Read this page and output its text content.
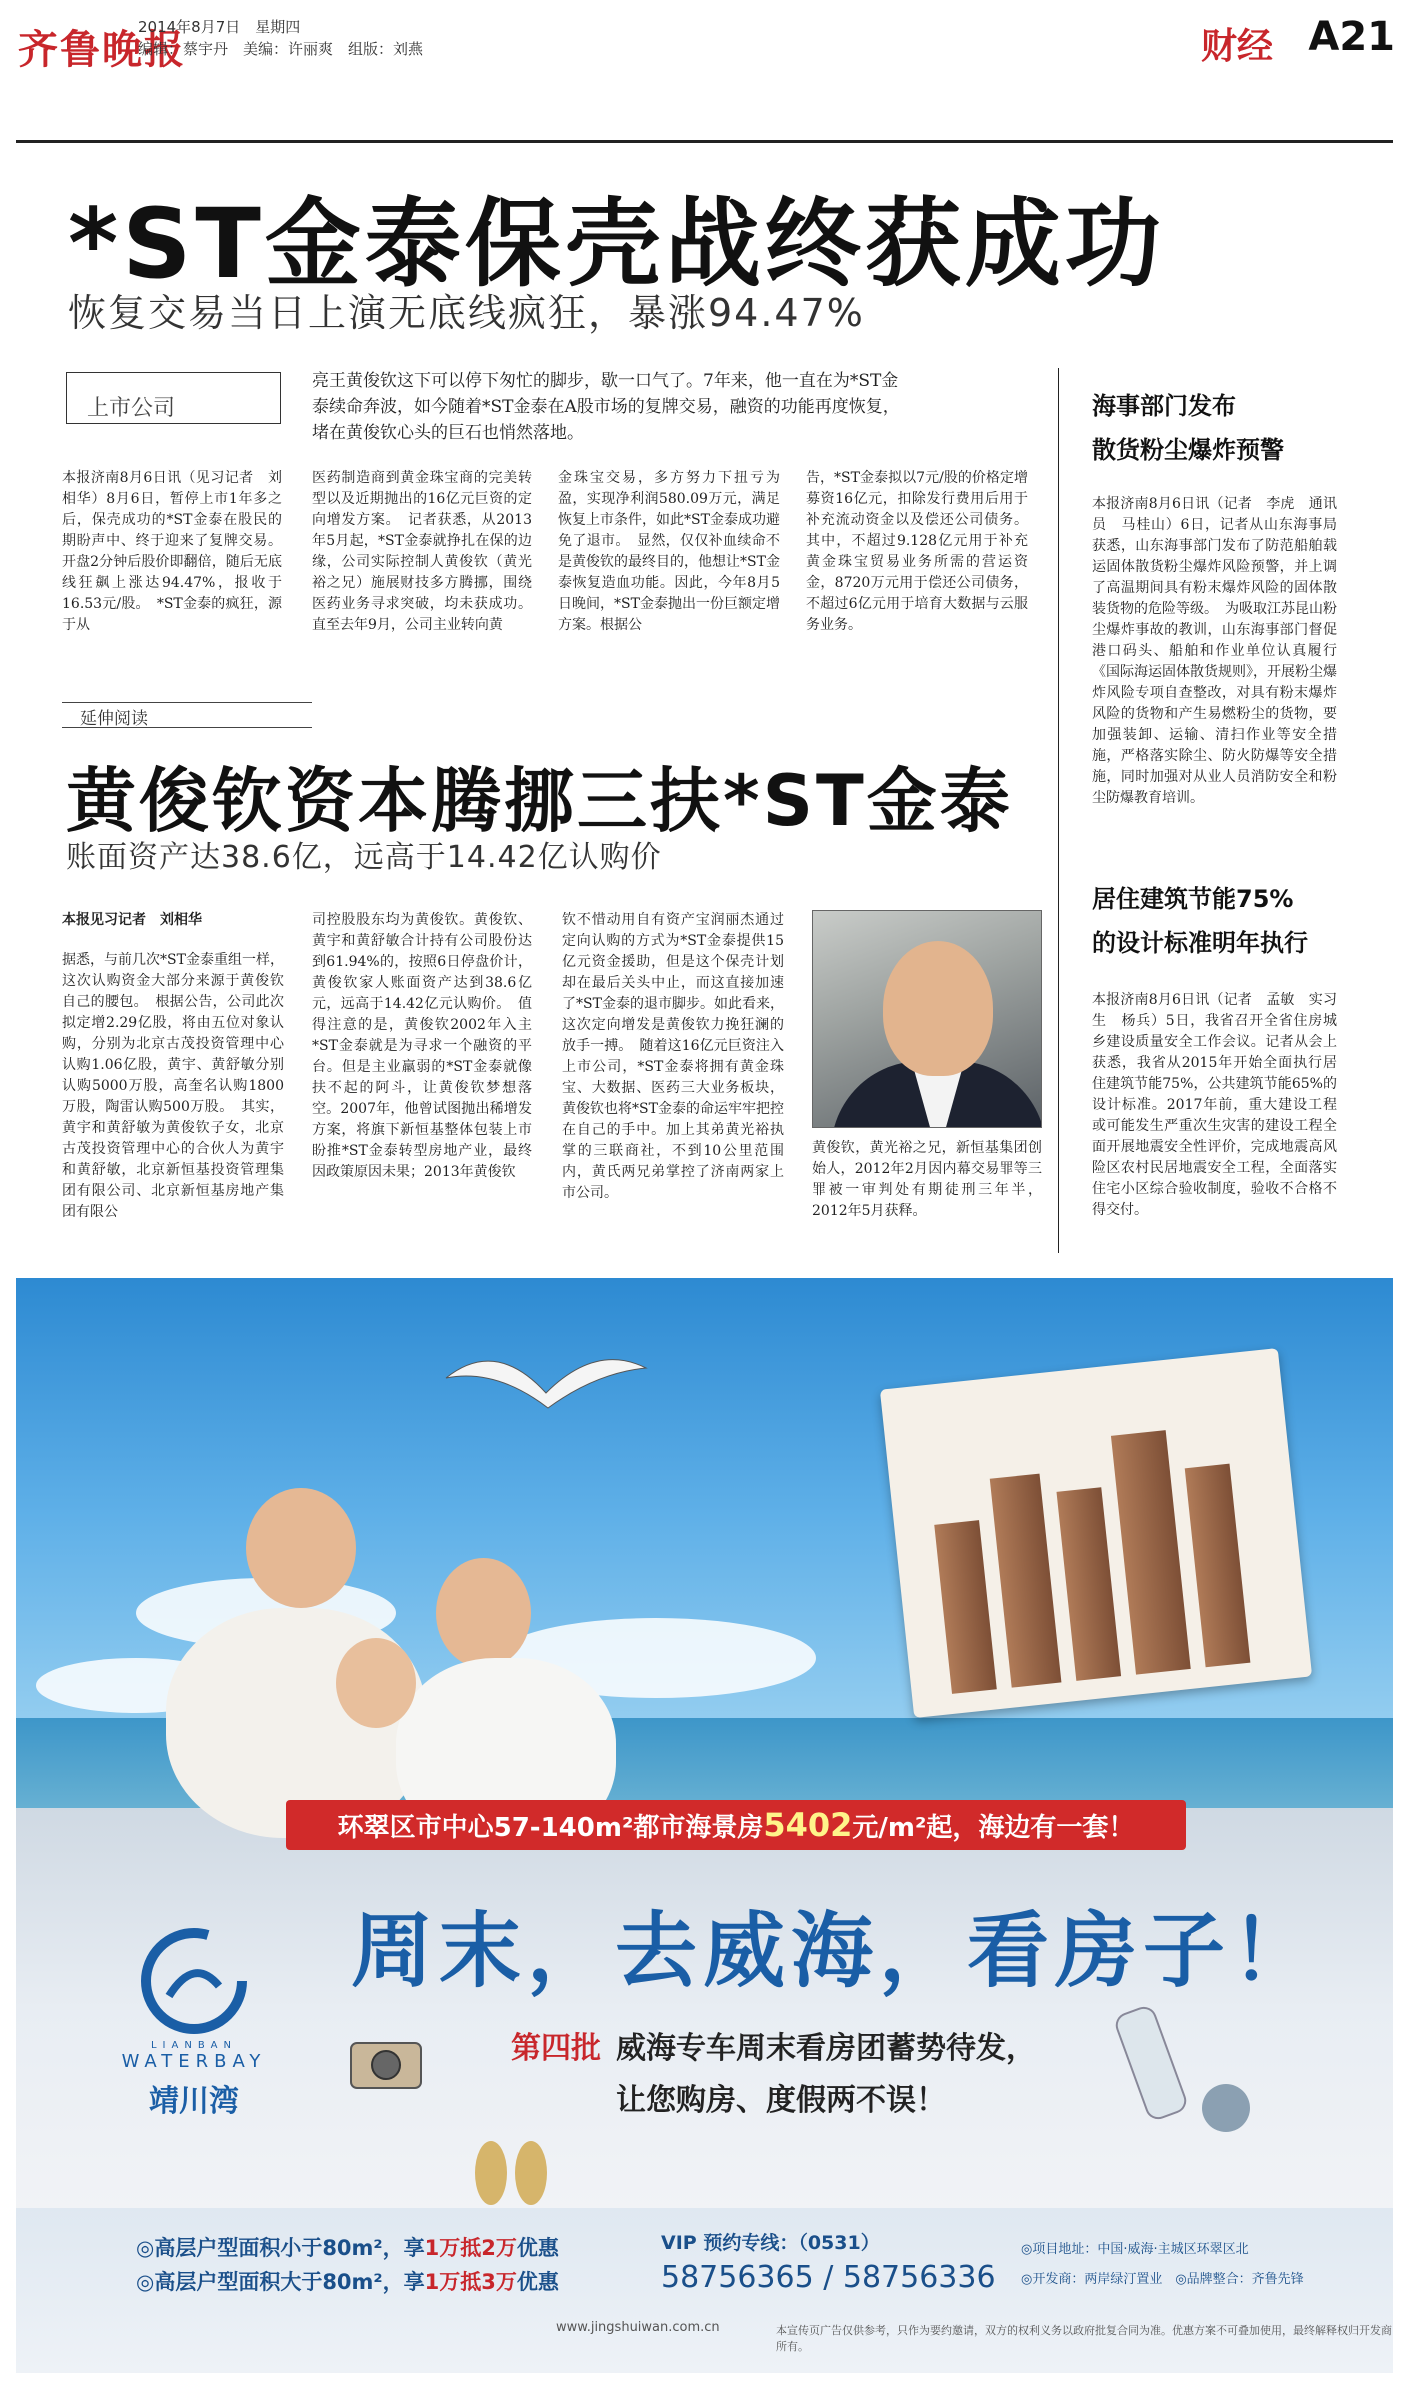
齐鲁晚报
2014年8月7日　星期四
编辑：蔡宇丹　美编：许丽爽　组版：刘燕	财经 A21
*ST金泰保壳战终获成功
恢复交易当日上演无底线疯狂，暴涨94.47%
上市公司
亮王黄俊钦这下可以停下匆忙的脚步，歇一口气了。7年来，他一直在为*ST金泰续命奔波，如今随着*ST金泰在A股市场的复牌交易，融资的功能再度恢复，堵在黄俊钦心头的巨石也悄然落地。
本报济南8月6日讯（见习记者　刘相华）8月6日，暂停上市1年多之后，保壳成功的*ST金泰在股民的期盼声中、终于迎来了复牌交易。开盘2分钟后股价即翻倍，随后无底线狂飙上涨达94.47%，报收于16.53元/股。　*ST金泰的疯狂，源于从
医药制造商到黄金珠宝商的完美转型以及近期抛出的16亿元巨资的定向增发方案。　记者获悉，从2013年5月起，*ST金泰就挣扎在保的边缘，公司实际控制人黄俊钦（黄光裕之兄）施展财技多方腾挪，围绕医药业务寻求突破，均未获成功。直至去年9月，公司主业转向黄
金珠宝交易，多方努力下扭亏为盈，实现净利润580.09万元，满足恢复上市条件，如此*ST金泰成功避免了退市。　显然，仅仅补血续命不是黄俊钦的最终目的，他想让*ST金泰恢复造血功能。因此，今年8月5日晚间，*ST金泰抛出一份巨额定增方案。根据公
告，*ST金泰拟以7元/股的价格定增募资16亿元，扣除发行费用后用于补充流动资金以及偿还公司债务。其中，不超过9.128亿元用于补充黄金珠宝贸易业务所需的营运资金，8720万元用于偿还公司债务，不超过6亿元用于培育大数据与云服务业务。
延伸阅读
黄俊钦资本腾挪三扶*ST金泰
账面资产达38.6亿，远高于14.42亿认购价
本报见习记者　刘相华
据悉，与前几次*ST金泰重组一样，这次认购资金大部分来源于黄俊钦自己的腰包。　根据公告，公司此次拟定增2.29亿股，将由五位对象认购，分别为北京古茂投资管理中心认购1.06亿股，黄宇、黄舒敏分别认购5000万股，高奎名认购1800万股，陶雷认购500万股。　其实，黄宇和黄舒敏为黄俊钦子女，北京古茂投资管理中心的合伙人为黄宇和黄舒敏，北京新恒基投资管理集团有限公司、北京新恒基房地产集团有限公
司控股股东均为黄俊钦。黄俊钦、黄宇和黄舒敏合计持有公司股份达到61.94%的，按照6日停盘价计，黄俊钦家人账面资产达到38.6亿元，远高于14.42亿元认购价。　值得注意的是，黄俊钦2002年入主*ST金泰就是为寻求一个融资的平台。但是主业羸弱的*ST金泰就像扶不起的阿斗，让黄俊钦梦想落空。2007年，他曾试图抛出稀增发方案，将旗下新恒基整体包装上市盼推*ST金泰转型房地产业，最终因政策原因未果；2013年黄俊钦
钦不惜动用自有资产宝润丽杰通过定向认购的方式为*ST金泰提供15亿元资金援助，但是这个保壳计划却在最后关头中止，而这直接加速了*ST金泰的退市脚步。如此看来，这次定向增发是黄俊钦力挽狂澜的放手一搏。　随着这16亿元巨资注入上市公司，*ST金泰将拥有黄金珠宝、大数据、医药三大业务板块，黄俊钦也将*ST金泰的命运牢牢把控在自己的手中。加上其弟黄光裕执掌的三联商社，不到10公里范围内，黄氏两兄弟掌控了济南两家上市公司。
黄俊钦，黄光裕之兄，新恒基集团创始人，2012年2月因内幕交易罪等三罪被一审判处有期徒刑三年半，2012年5月获释。
海事部门发布
散货粉尘爆炸预警
本报济南8月6日讯（记者　李虎　通讯员　马桂山）6日，记者从山东海事局获悉，山东海事部门发布了防范船舶载运固体散货粉尘爆炸风险预警，并上调了高温期间具有粉末爆炸风险的固体散装货物的危险等级。　为吸取江苏昆山粉尘爆炸事故的教训，山东海事部门督促港口码头、船舶和作业单位认真履行《国际海运固体散货规则》，开展粉尘爆炸风险专项自查整改，对具有粉末爆炸风险的货物和产生易燃粉尘的货物，要加强装卸、运输、清扫作业等安全措施，严格落实除尘、防火防爆等安全措施，同时加强对从业人员消防安全和粉尘防爆教育培训。
居住建筑节能75%
的设计标准明年执行
本报济南8月6日讯（记者　孟敏　实习生　杨兵）5日，我省召开全省住房城乡建设质量安全工作会议。记者从会上获悉，我省从2015年开始全面执行居住建筑节能75%，公共建筑节能65%的设计标准。2017年前，重大建设工程或可能发生严重次生灾害的建设工程全面开展地震安全性评价，完成地震高风险区农村民居地震安全工程，全面落实住宅小区综合验收制度，验收不合格不得交付。
环翠区市中心57-140m²都市海景房5402元/m²起，海边有一套！
周末，去威海，看房子！
LIANBAN
WATERBAY
靖川湾
第四批 威海专车周末看房团蓄势待发，
让您购房、度假两不误！
◎高层户型面积小于80m²，享1万抵2万优惠
◎高层户型面积大于80m²，享1万抵3万优惠
VIP 预约专线：（0531）
58756365 / 58756336
◎项目地址：中国·威海·主城区环翠区北
◎开发商：两岸绿汀置业　◎品牌整合：齐鲁先锋
www.jingshuiwan.com.cn	本宣传页广告仅供参考，只作为要约邀请，双方的权利义务以政府批复合同为准。优惠方案不可叠加使用，最终解释权归开发商所有。
